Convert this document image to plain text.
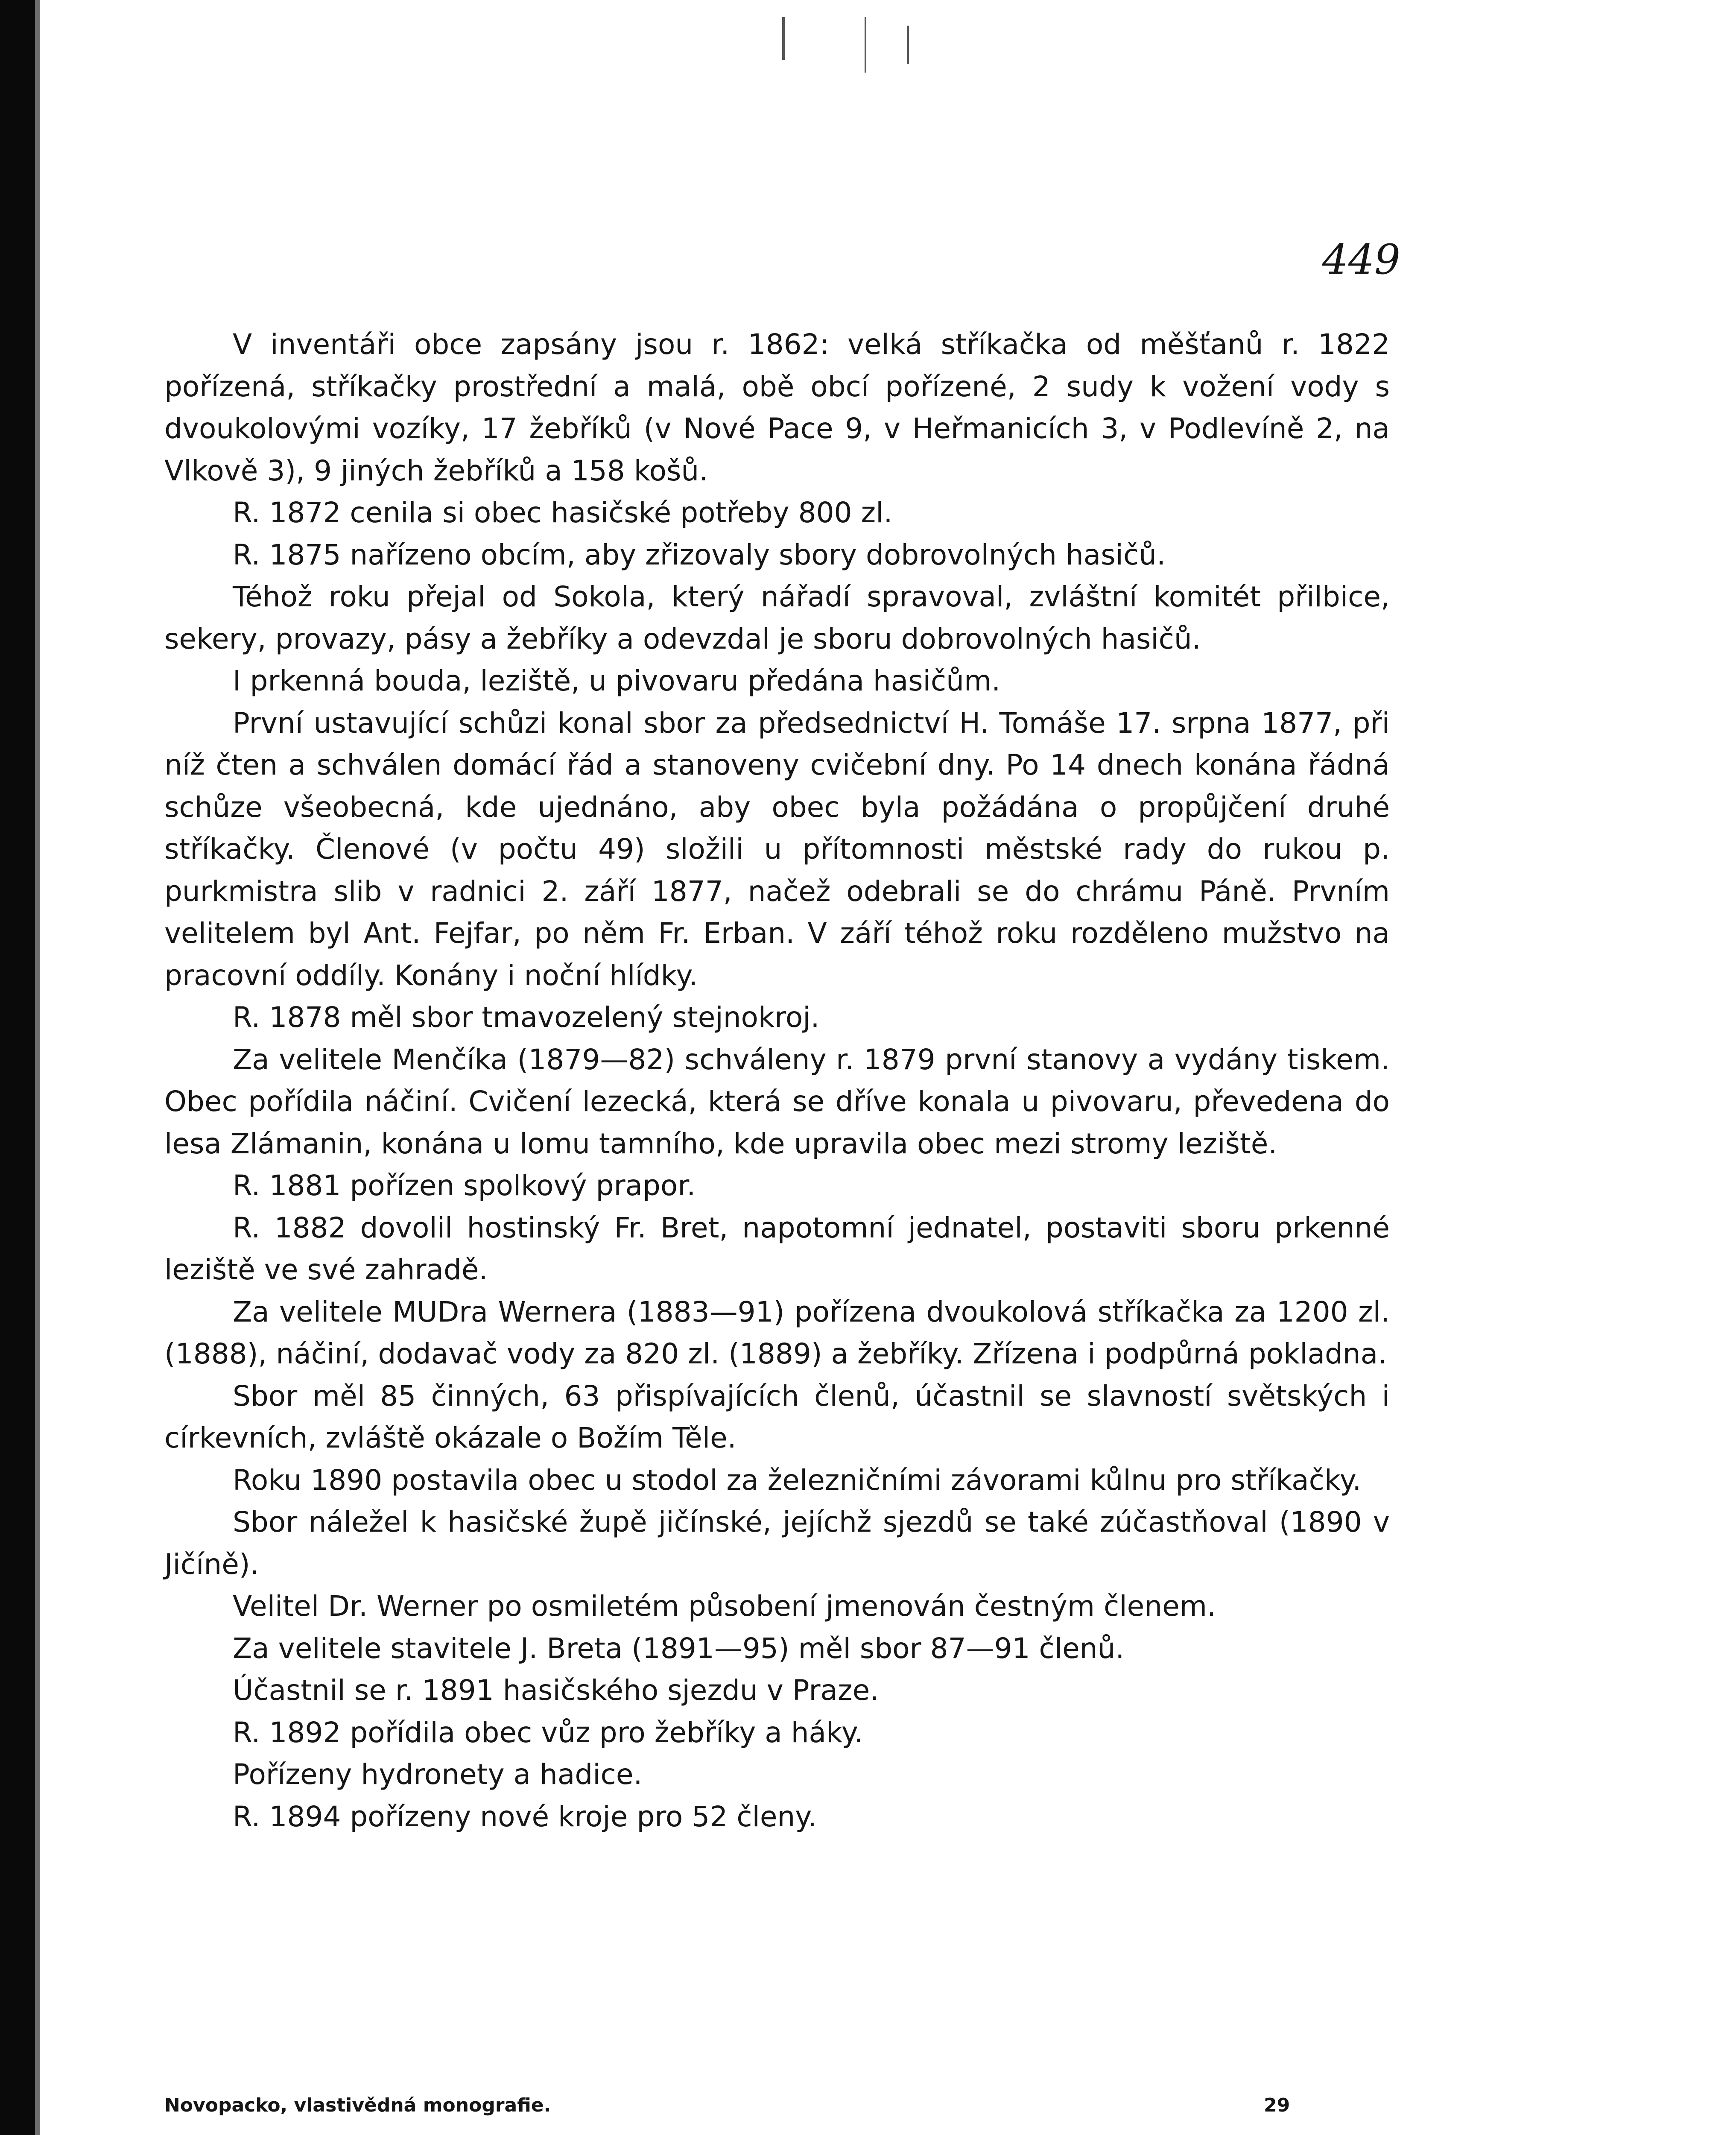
449

V inventáři obce zapsány jsou r. 1862: velká stříkačka od měšťanů r. 1822 pořízená, stříkačky prostřední a malá, obě obcí pořízené, 2 sudy k vožení vody s dvoukolovými vozíky, 17 žebříků (v Nové Pace 9, v Heřmanicích 3, v Podlevíně 2, na Vlkově 3), 9 jiných žebříků a 158 košů.

R. 1872 cenila si obec hasičské potřeby 800 zl.

R. 1875 nařízeno obcím, aby zřizovaly sbory dobrovolných hasičů.

Téhož roku přejal od Sokola, který nářadí spravoval, zvláštní komitét přilbice, sekery, provazy, pásy a žebříky a odevzdal je sboru dobrovolných hasičů.

I prkenná bouda, leziště, u pivovaru předána hasičům.

První ustavující schůzi konal sbor za předsednictví H. Tomáše 17. srpna 1877, při níž čten a schválen domácí řád a stanoveny cvičební dny. Po 14 dnech konána řádná schůze všeobecná, kde ujednáno, aby obec byla požádána o propůjčení druhé stříkačky. Členové (v počtu 49) složili u přítomnosti městské rady do rukou p. purkmistra slib v radnici 2. září 1877, načež odebrali se do chrámu Páně. Prvním velitelem byl Ant. Fejfar, po něm Fr. Erban. V září téhož roku rozděleno mužstvo na pracovní oddíly. Konány i noční hlídky.

R. 1878 měl sbor tmavozelený stejnokroj.

Za velitele Menčíka (1879—82) schváleny r. 1879 první stanovy a vydány tiskem. Obec pořídila náčiní. Cvičení lezecká, která se dříve konala u pivovaru, převedena do lesa Zlámanin, konána u lomu tamního, kde upravila obec mezi stromy leziště.

R. 1881 pořízen spolkový prapor.

R. 1882 dovolil hostinský Fr. Bret, napotomní jednatel, postaviti sboru prkenné leziště ve své zahradě.

Za velitele MUDra Wernera (1883—91) pořízena dvoukolová stříkačka za 1200 zl. (1888), náčiní, dodavač vody za 820 zl. (1889) a žebříky. Zřízena i podpůrná pokladna.

Sbor měl 85 činných, 63 přispívajících členů, účastnil se slavností světských i církevních, zvláště okázale o Božím Těle.

Roku 1890 postavila obec u stodol za železničními závorami kůlnu pro stříkačky.

Sbor náležel k hasičské župě jičínské, jejíchž sjezdů se také zúčastňoval (1890 v Jičíně).

Velitel Dr. Werner po osmiletém působení jmenován čestným členem.

Za velitele stavitele J. Breta (1891—95) měl sbor 87—91 členů.

Účastnil se r. 1891 hasičského sjezdu v Praze.

R. 1892 pořídila obec vůz pro žebříky a háky.

Pořízeny hydronety a hadice.

R. 1894 pořízeny nové kroje pro 52 členy.

Novopacko, vlastivědná monografie.	29
